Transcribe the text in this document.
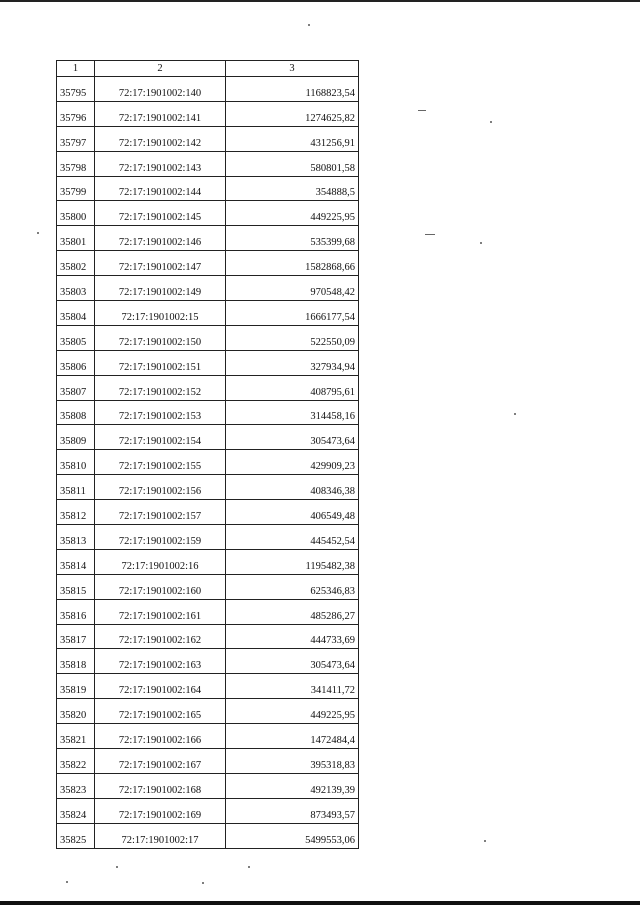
1	2	3
35795	72:17:1901002:140	1168823,54
35796	72:17:1901002:141	1274625,82
35797	72:17:1901002:142	431256,91
35798	72:17:1901002:143	580801,58
35799	72:17:1901002:144	354888,5
35800	72:17:1901002:145	449225,95
35801	72:17:1901002:146	535399,68
35802	72:17:1901002:147	1582868,66
35803	72:17:1901002:149	970548,42
35804	72:17:1901002:15	1666177,54
35805	72:17:1901002:150	522550,09
35806	72:17:1901002:151	327934,94
35807	72:17:1901002:152	408795,61
35808	72:17:1901002:153	314458,16
35809	72:17:1901002:154	305473,64
35810	72:17:1901002:155	429909,23
35811	72:17:1901002:156	408346,38
35812	72:17:1901002:157	406549,48
35813	72:17:1901002:159	445452,54
35814	72:17:1901002:16	1195482,38
35815	72:17:1901002:160	625346,83
35816	72:17:1901002:161	485286,27
35817	72:17:1901002:162	444733,69
35818	72:17:1901002:163	305473,64
35819	72:17:1901002:164	341411,72
35820	72:17:1901002:165	449225,95
35821	72:17:1901002:166	1472484,4
35822	72:17:1901002:167	395318,83
35823	72:17:1901002:168	492139,39
35824	72:17:1901002:169	873493,57
35825	72:17:1901002:17	5499553,06
